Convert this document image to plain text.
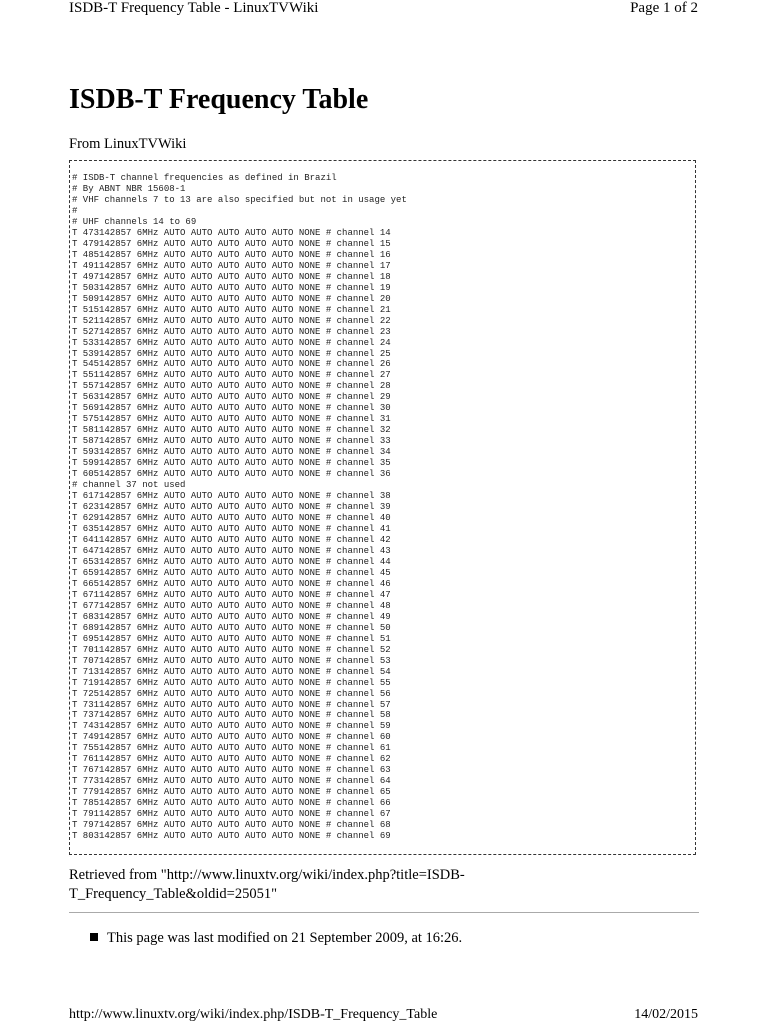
ISDB-T Frequency Table - LinuxTVWiki	Page 1 of 2
ISDB-T Frequency Table
From LinuxTVWiki
# ISDB-T channel frequencies as defined in Brazil
# By ABNT NBR 15608-1
# VHF channels 7 to 13 are also specified but not in usage yet
#
# UHF channels 14 to 69
T 473142857 6MHz AUTO AUTO AUTO AUTO AUTO NONE # channel 14
T 479142857 6MHz AUTO AUTO AUTO AUTO AUTO NONE # channel 15
T 485142857 6MHz AUTO AUTO AUTO AUTO AUTO NONE # channel 16
T 491142857 6MHz AUTO AUTO AUTO AUTO AUTO NONE # channel 17
T 497142857 6MHz AUTO AUTO AUTO AUTO AUTO NONE # channel 18
T 503142857 6MHz AUTO AUTO AUTO AUTO AUTO NONE # channel 19
T 509142857 6MHz AUTO AUTO AUTO AUTO AUTO NONE # channel 20
T 515142857 6MHz AUTO AUTO AUTO AUTO AUTO NONE # channel 21
T 521142857 6MHz AUTO AUTO AUTO AUTO AUTO NONE # channel 22
T 527142857 6MHz AUTO AUTO AUTO AUTO AUTO NONE # channel 23
T 533142857 6MHz AUTO AUTO AUTO AUTO AUTO NONE # channel 24
T 539142857 6MHz AUTO AUTO AUTO AUTO AUTO NONE # channel 25
T 545142857 6MHz AUTO AUTO AUTO AUTO AUTO NONE # channel 26
T 551142857 6MHz AUTO AUTO AUTO AUTO AUTO NONE # channel 27
T 557142857 6MHz AUTO AUTO AUTO AUTO AUTO NONE # channel 28
T 563142857 6MHz AUTO AUTO AUTO AUTO AUTO NONE # channel 29
T 569142857 6MHz AUTO AUTO AUTO AUTO AUTO NONE # channel 30
T 575142857 6MHz AUTO AUTO AUTO AUTO AUTO NONE # channel 31
T 581142857 6MHz AUTO AUTO AUTO AUTO AUTO NONE # channel 32
T 587142857 6MHz AUTO AUTO AUTO AUTO AUTO NONE # channel 33
T 593142857 6MHz AUTO AUTO AUTO AUTO AUTO NONE # channel 34
T 599142857 6MHz AUTO AUTO AUTO AUTO AUTO NONE # channel 35
T 605142857 6MHz AUTO AUTO AUTO AUTO AUTO NONE # channel 36
# channel 37 not used
T 617142857 6MHz AUTO AUTO AUTO AUTO AUTO NONE # channel 38
T 623142857 6MHz AUTO AUTO AUTO AUTO AUTO NONE # channel 39
T 629142857 6MHz AUTO AUTO AUTO AUTO AUTO NONE # channel 40
T 635142857 6MHz AUTO AUTO AUTO AUTO AUTO NONE # channel 41
T 641142857 6MHz AUTO AUTO AUTO AUTO AUTO NONE # channel 42
T 647142857 6MHz AUTO AUTO AUTO AUTO AUTO NONE # channel 43
T 653142857 6MHz AUTO AUTO AUTO AUTO AUTO NONE # channel 44
T 659142857 6MHz AUTO AUTO AUTO AUTO AUTO NONE # channel 45
T 665142857 6MHz AUTO AUTO AUTO AUTO AUTO NONE # channel 46
T 671142857 6MHz AUTO AUTO AUTO AUTO AUTO NONE # channel 47
T 677142857 6MHz AUTO AUTO AUTO AUTO AUTO NONE # channel 48
T 683142857 6MHz AUTO AUTO AUTO AUTO AUTO NONE # channel 49
T 689142857 6MHz AUTO AUTO AUTO AUTO AUTO NONE # channel 50
T 695142857 6MHz AUTO AUTO AUTO AUTO AUTO NONE # channel 51
T 701142857 6MHz AUTO AUTO AUTO AUTO AUTO NONE # channel 52
T 707142857 6MHz AUTO AUTO AUTO AUTO AUTO NONE # channel 53
T 713142857 6MHz AUTO AUTO AUTO AUTO AUTO NONE # channel 54
T 719142857 6MHz AUTO AUTO AUTO AUTO AUTO NONE # channel 55
T 725142857 6MHz AUTO AUTO AUTO AUTO AUTO NONE # channel 56
T 731142857 6MHz AUTO AUTO AUTO AUTO AUTO NONE # channel 57
T 737142857 6MHz AUTO AUTO AUTO AUTO AUTO NONE # channel 58
T 743142857 6MHz AUTO AUTO AUTO AUTO AUTO NONE # channel 59
T 749142857 6MHz AUTO AUTO AUTO AUTO AUTO NONE # channel 60
T 755142857 6MHz AUTO AUTO AUTO AUTO AUTO NONE # channel 61
T 761142857 6MHz AUTO AUTO AUTO AUTO AUTO NONE # channel 62
T 767142857 6MHz AUTO AUTO AUTO AUTO AUTO NONE # channel 63
T 773142857 6MHz AUTO AUTO AUTO AUTO AUTO NONE # channel 64
T 779142857 6MHz AUTO AUTO AUTO AUTO AUTO NONE # channel 65
T 785142857 6MHz AUTO AUTO AUTO AUTO AUTO NONE # channel 66
T 791142857 6MHz AUTO AUTO AUTO AUTO AUTO NONE # channel 67
T 797142857 6MHz AUTO AUTO AUTO AUTO AUTO NONE # channel 68
T 803142857 6MHz AUTO AUTO AUTO AUTO AUTO NONE # channel 69
Retrieved from "http://www.linuxtv.org/wiki/index.php?title=ISDB-T_Frequency_Table&oldid=25051"
This page was last modified on 21 September 2009, at 16:26.
http://www.linuxtv.org/wiki/index.php/ISDB-T_Frequency_Table	14/02/2015
